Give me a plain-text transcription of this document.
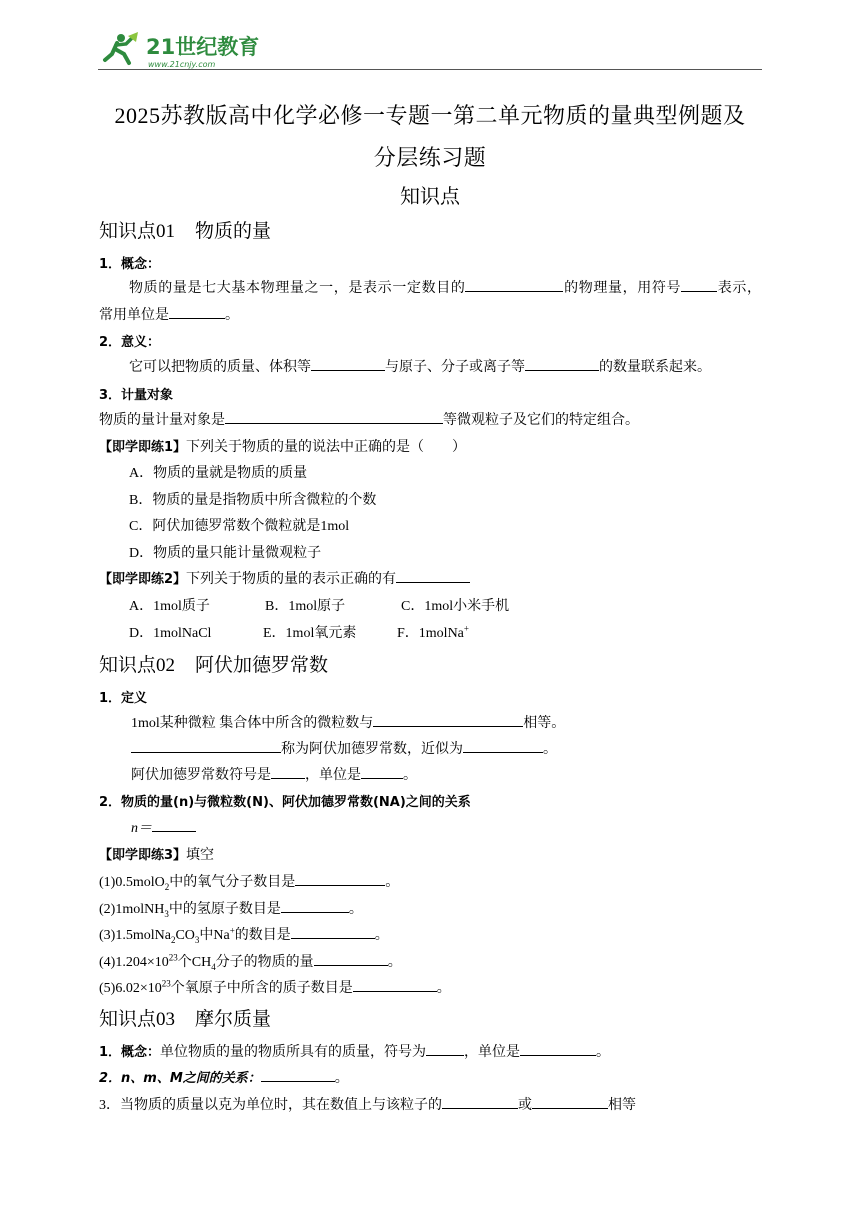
21世纪教育
www.21cnjy.com
2025苏教版高中化学必修一专题一第二单元物质的量典型例题及
分层练习题
知识点
知识点01 物质的量
1．概念：
物质的量是七大基本物理量之一，是表示一定数目的	的物理量，用符号	表示，
常用单位是	。
2．意义：
它可以把物质的质量、体积等	与原子、分子或离子等	的数量联系起来。
3．计量对象
物质的量计量对象是	等微观粒子及它们的特定组合。
【即学即练1】下列关于物质的量的说法中正确的是（　　）
A．物质的量就是物质的质量
B．物质的量是指物质中所含微粒的个数
C．阿伏加德罗常数个微粒就是1mol
D．物质的量只能计量微观粒子
【即学即练2】下列关于物质的量的表示正确的有
A．1mol质子	B．1mol原子	C．1mol小米手机
D．1molNaCl	E．1mol氧元素	F．1molNa+
知识点02 阿伏加德罗常数
1．定义
1mol某种微粒 集合体中所含的微粒数与	相等。
称为阿伏加德罗常数，近似为	。
阿伏加德罗常数符号是 ，单位是	。
2．物质的量(n)与微粒数(N)、阿伏加德罗常数(NA)之间的关系
n＝
【即学即练3】填空
(1)0.5molO$_2$中的氧气分子数目是	。
(2)1molNH$_3$中的氢原子数目是	。
$(3)1.5molNa_2CO_3$中Na+的数目是	。
$(4)1.204\times 10^{23}$个$CH_4$分子的物质的量	。
$(5)6.02\times 10^{23}$个氧原子中所含的质子数目是	。
知识点03 摩尔质量
1．概念：单位物质的量的物质所具有的质量，符号为	，单位是	。
2．n、m、M之间的关系：	。
3．当物质的质量以克为单位时，其在数值上与该粒子的	或	相等
